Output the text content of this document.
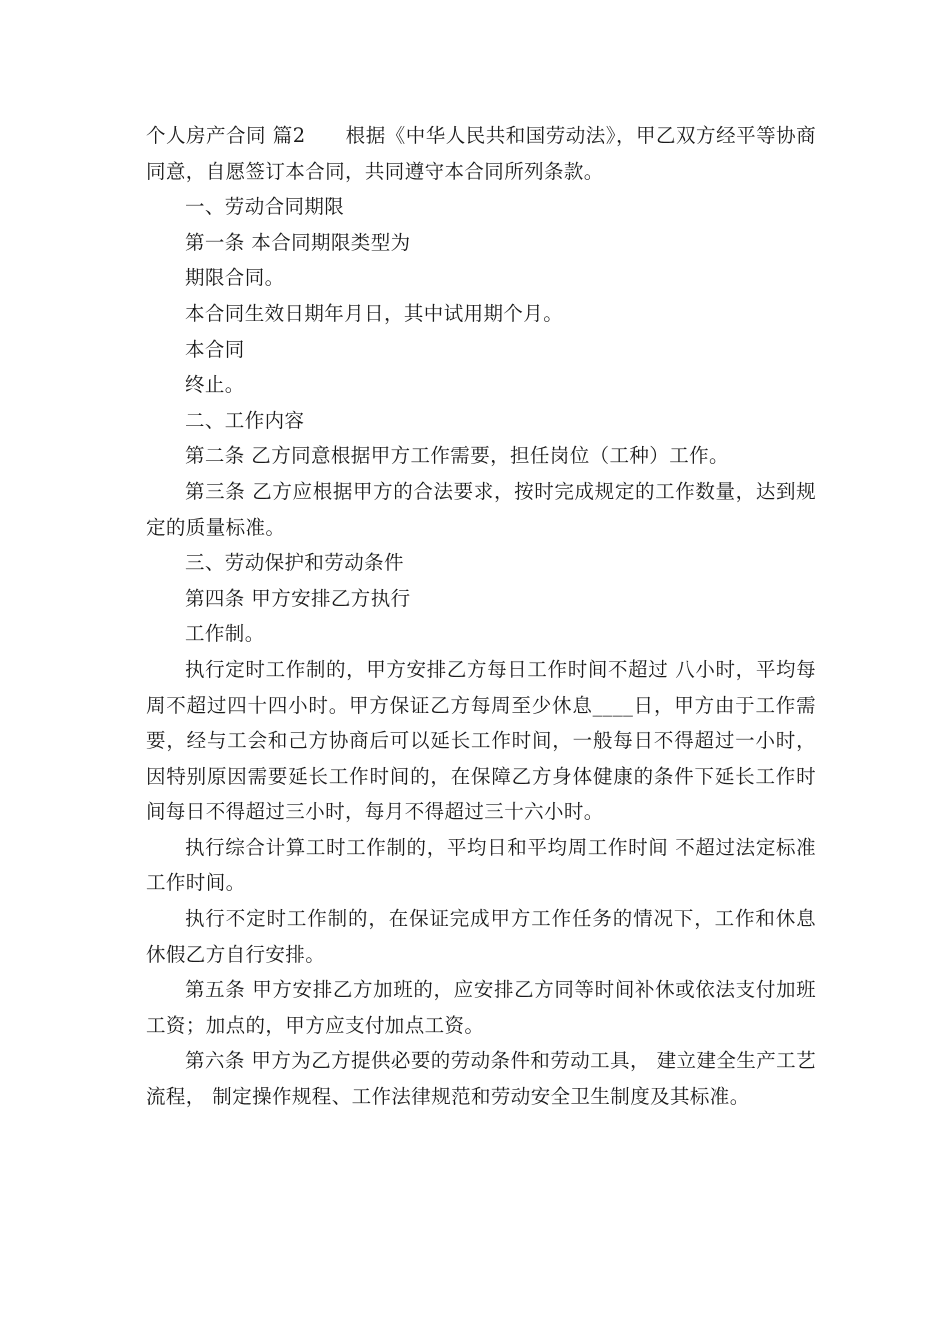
个人房产合同 篇2　　根据《中华人民共和国劳动法》，甲乙双方经平等协商同意，自愿签订本合同，共同遵守本合同所列条款。

一、劳动合同期限

第一条 本合同期限类型为

期限合同。

本合同生效日期年月日，其中试用期个月。

本合同

终止。

二、工作内容

第二条 乙方同意根据甲方工作需要，担任岗位（工种）工作。

第三条 乙方应根据甲方的合法要求，按时完成规定的工作数量，达到规定的质量标准。

三、劳动保护和劳动条件

第四条 甲方安排乙方执行

工作制。

执行定时工作制的，甲方安排乙方每日工作时间不超过 八小时，平均每周不超过四十四小时。甲方保证乙方每周至少休息____日，甲方由于工作需要，经与工会和己方协商后可以延长工作时间，一般每日不得超过一小时，因特别原因需要延长工作时间的，在保障乙方身体健康的条件下延长工作时间每日不得超过三小时，每月不得超过三十六小时。

执行综合计算工时工作制的，平均日和平均周工作时间 不超过法定标准工作时间。

执行不定时工作制的，在保证完成甲方工作任务的情况下，工作和休息休假乙方自行安排。

第五条 甲方安排乙方加班的，应安排乙方同等时间补休或依法支付加班工资；加点的，甲方应支付加点工资。

第六条 甲方为乙方提供必要的劳动条件和劳动工具， 建立建全生产工艺流程， 制定操作规程、工作法律规范和劳动安全卫生制度及其标准。
